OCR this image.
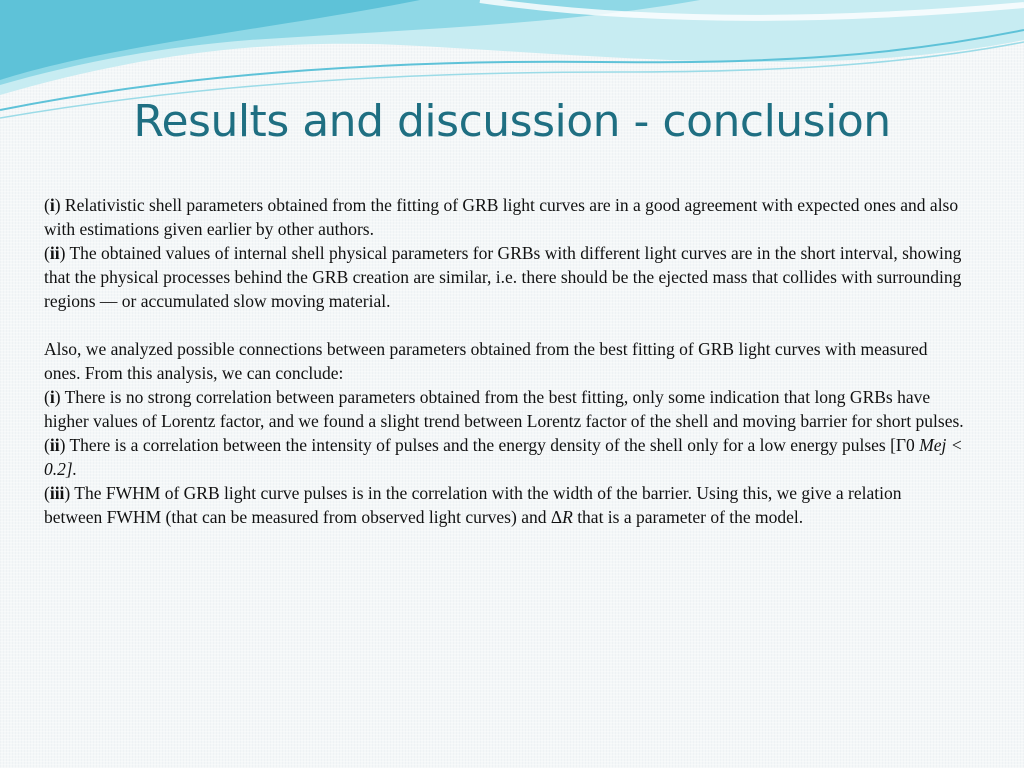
Results and discussion - conclusion

(i) Relativistic shell parameters obtained from the fitting of GRB light curves are in a good agreement with expected ones and also with estimations given earlier by other authors.

(ii) The obtained values of internal shell physical parameters for GRBs with different light curves are in the short interval, showing that the physical processes behind the GRB creation are similar, i.e. there should be the ejected mass that collides with surrounding regions — or accumulated slow moving material.

Also, we analyzed possible connections between parameters obtained from the best fitting of GRB light curves with measured ones. From this analysis, we can conclude:

(i) There is no strong correlation between parameters obtained from the best fitting, only some indication that long GRBs have higher values of Lorentz factor, and we found a slight trend between Lorentz factor of the shell and moving barrier for short pulses.

(ii) There is a correlation between the intensity of pulses and the energy density of the shell only for a low energy pulses [Γ0 Mej < 0.2].

(iii) The FWHM of GRB light curve pulses is in the correlation with the width of the barrier. Using this, we give a relation between FWHM (that can be measured from observed light curves) and ΔR that is a parameter of the model.
